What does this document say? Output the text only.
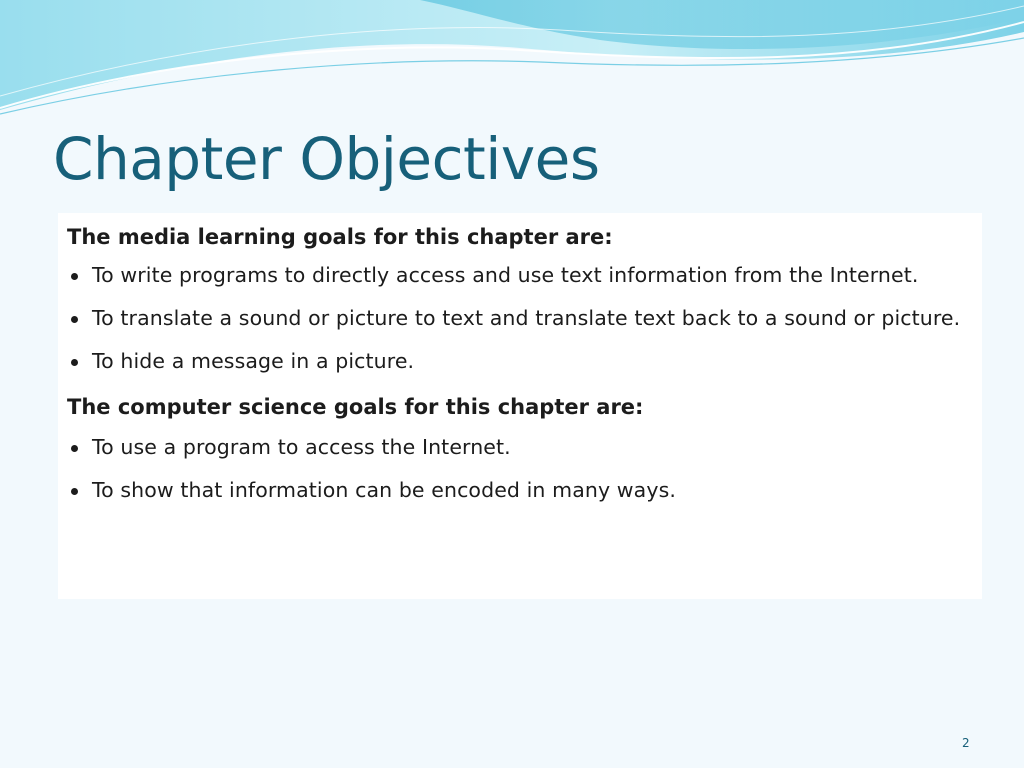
Chapter Objectives

The media learning goals for this chapter are:

To write programs to directly access and use text information from the Internet.
To translate a sound or picture to text and translate text back to a sound or picture.
To hide a message in a picture.

The computer science goals for this chapter are:

To use a program to access the Internet.
To show that information can be encoded in many ways.
2
